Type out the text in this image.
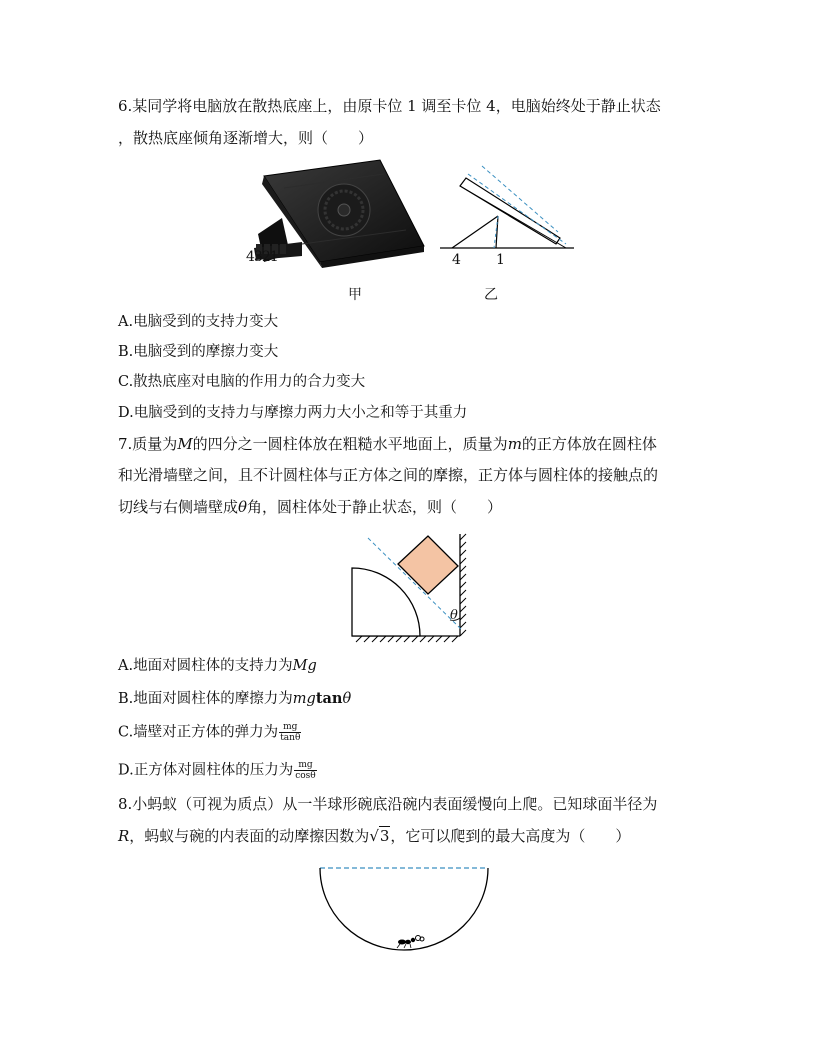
6.某同学将电脑放在散热底座上，由原卡位 1 调至卡位 4，电脑始终处于静止状态
，散热底座倾角逐渐增大，则（　　）
4321	4	1
甲	乙
A.电脑受到的支持力变大
B.电脑受到的摩擦力变大
C.散热底座对电脑的作用力的合力变大
D.电脑受到的支持力与摩擦力两力大小之和等于其重力
7.质量为M的四分之一圆柱体放在粗糙水平地面上，质量为m的正方体放在圆柱体
和光滑墙壁之间，且不计圆柱体与正方体之间的摩擦，正方体与圆柱体的接触点的
切线与右侧墙壁成θ角，圆柱体处于静止状态，则（　　）
θ
A.地面对圆柱体的支持力为Mg
B.地面对圆柱体的摩擦力为mgtanθ
C.墙壁对正方体的弹力为 $\frac{mg}{\tan\theta}$
D.正方体对圆柱体的压力为 $\frac{mg}{\cos\theta}$
8.小蚂蚁（可视为质点）从一半球形碗底沿碗内表面缓慢向上爬。已知球面半径为
R，蚂蚁与碗的内表面的动摩擦因数为√3，它可以爬到的最大高度为（　　）
